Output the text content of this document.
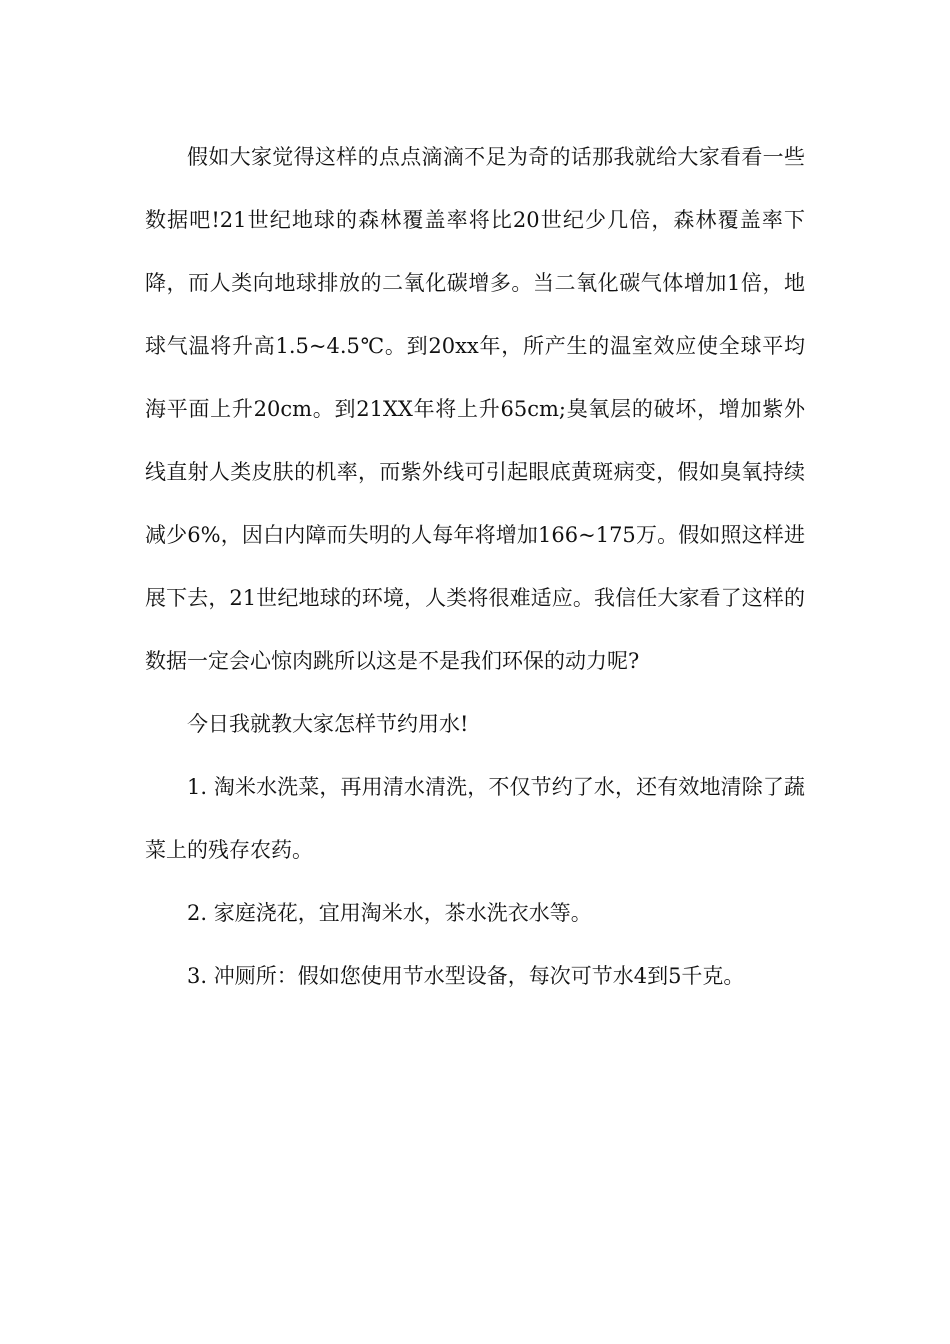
假如大家觉得这样的点点滴滴不足为奇的话那我就给大家看看一些数据吧!21世纪地球的森林覆盖率将比20世纪少几倍，森林覆盖率下降，而人类向地球排放的二氧化碳增多。当二氧化碳气体增加1倍，地球气温将升高1.5~4.5℃。到20xx年，所产生的温室效应使全球平均海平面上升20cm。到21XX年将上升65cm;臭氧层的破坏，增加紫外线直射人类皮肤的机率，而紫外线可引起眼底黄斑病变，假如臭氧持续减少6%，因白内障而失明的人每年将增加166~175万。假如照这样进展下去，21世纪地球的环境，人类将很难适应。我信任大家看了这样的数据一定会心惊肉跳所以这是不是我们环保的动力呢?

今日我就教大家怎样节约用水!

1. 淘米水洗菜，再用清水清洗，不仅节约了水，还有效地清除了蔬菜上的残存农药。

2. 家庭浇花，宜用淘米水，茶水洗衣水等。

3. 冲厕所：假如您使用节水型设备，每次可节水4到5千克。
